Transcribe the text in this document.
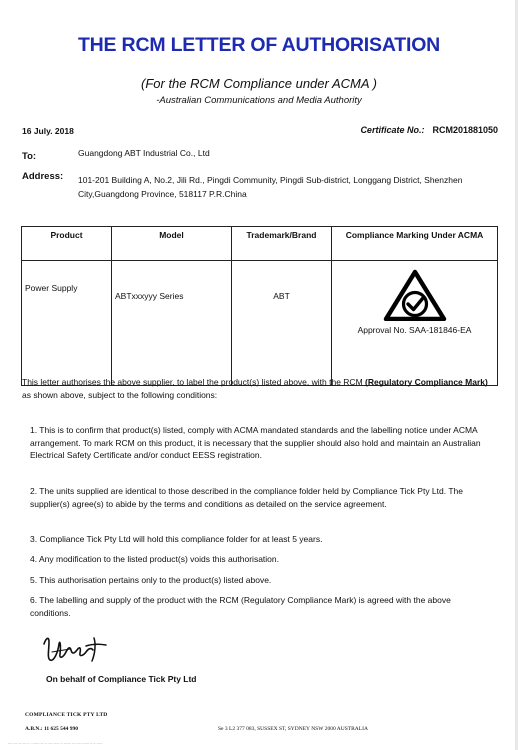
THE RCM LETTER OF AUTHORISATION
(For the RCM Compliance under ACMA )
-Australian Communications and Media Authority
16 July. 2018	Certificate No.: RCM201881050
To:	Guangdong ABT Industrial Co., Ltd
Address: 101-201 Building A, No.2, Jili Rd., Pingdi Community, Pingdi Sub-district, Longgang District, Shenzhen City,Guangdong Province, 518117 P.R.China
Product	Model	Trademark/Brand	Compliance Marking Under ACMA
Power Supply	ABTxxxyyy Series	ABT	Approval No. SAA-181846-EA
This letter authorises the above supplier, to label the product(s) listed above, with the RCM (Regulatory Compliance Mark) as shown above, subject to the following conditions:
1. This is to confirm that product(s) listed, comply with ACMA mandated standards and the labelling notice under ACMA arrangement. To mark RCM on this product, it is necessary that the supplier should also hold and maintain an Australian Electrical Safety Certificate and/or conduct EESS registration.
2. The units supplied are identical to those described in the compliance folder held by Compliance Tick Pty Ltd. The supplier(s) agree(s) to abide by the terms and conditions as detailed on the service agreement.
3. Compliance Tick Pty Ltd will hold this compliance folder for at least 5 years.
4. Any modification to the listed product(s) voids this authorisation.
5. This authorisation pertains only to the product(s) listed above.
6. The labelling and supply of the product with the RCM (Regulatory Compliance Mark) is agreed with the above conditions.
On behalf of Compliance Tick Pty Ltd
COMPLIANCE TICK PTY LTD
A.B.N.: 11 625 544 990	Se 3 L2 377 083, SUSSEX ST, SYDNEY NSW 2000 AUSTRALIA
---- --- --- --- -- - ------ --- -- ---- ----- -- ------ --- ---- ------ -- -- -----
